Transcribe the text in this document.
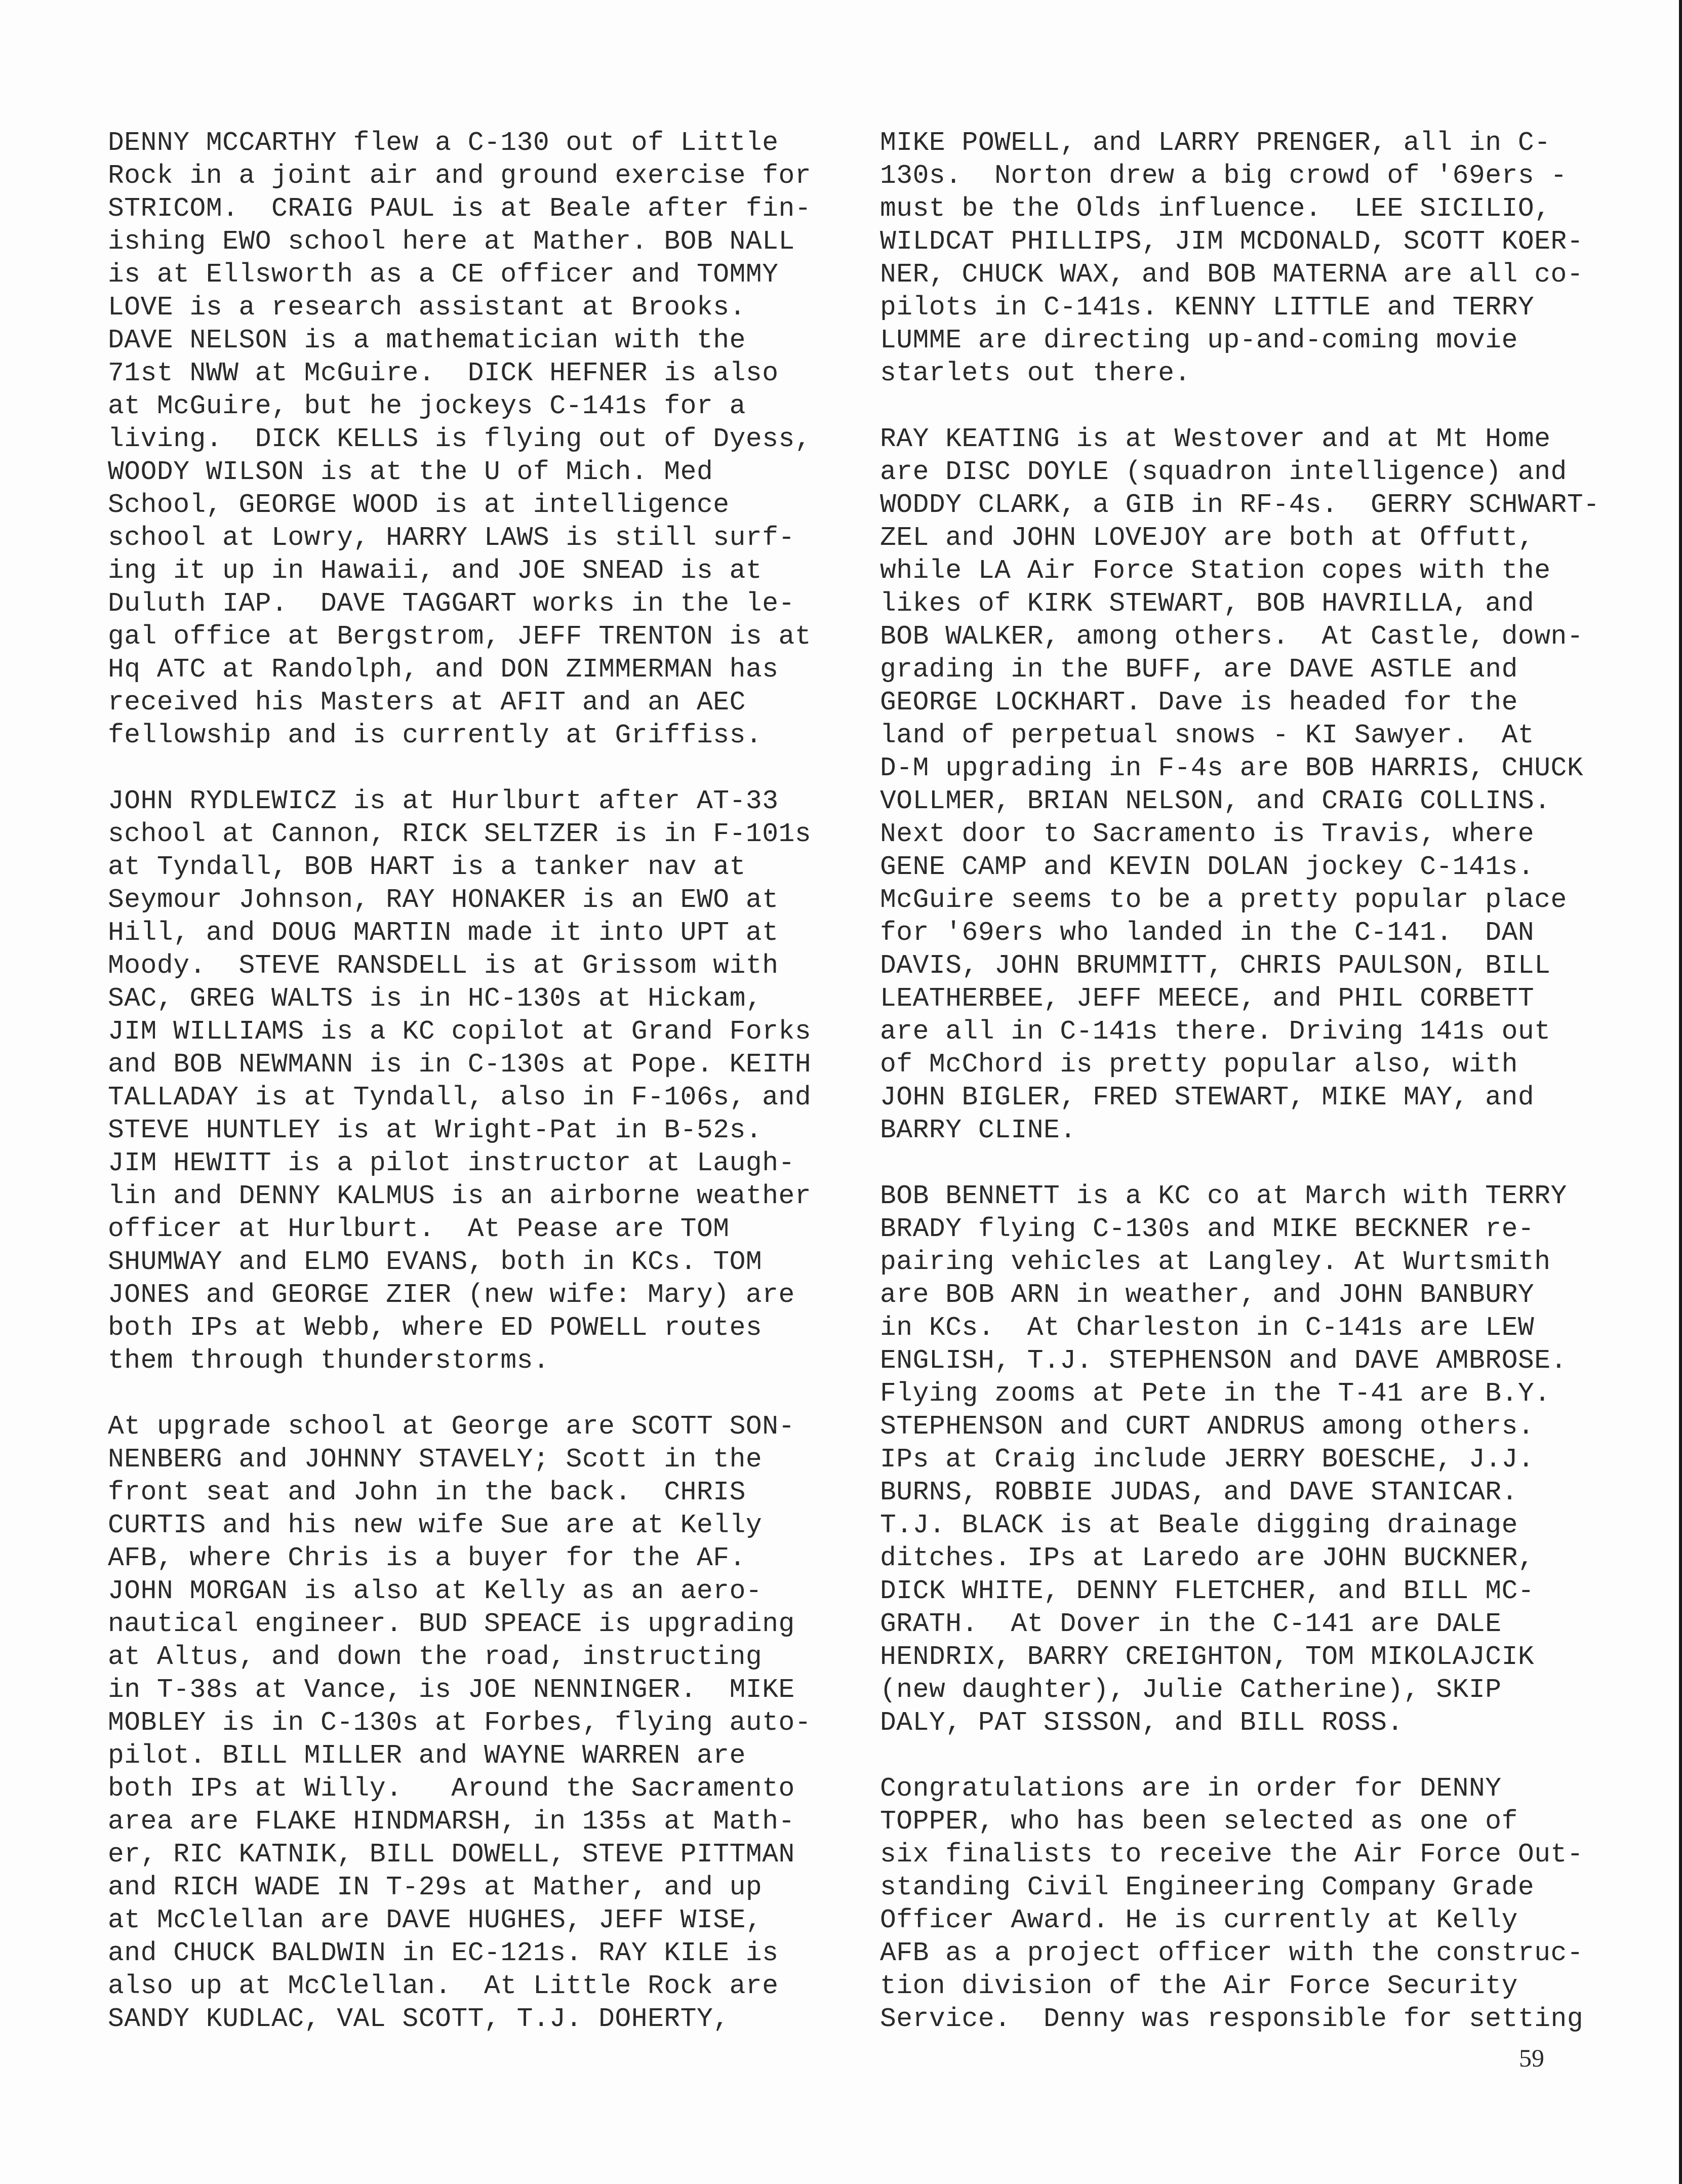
DENNY MCCARTHY flew a C-130 out of Little
Rock in a joint air and ground exercise for
STRICOM.  CRAIG PAUL is at Beale after fin-
ishing EWO school here at Mather. BOB NALL
is at Ellsworth as a CE officer and TOMMY
LOVE is a research assistant at Brooks.
DAVE NELSON is a mathematician with the
71st NWW at McGuire.  DICK HEFNER is also
at McGuire, but he jockeys C-141s for a
living.  DICK KELLS is flying out of Dyess,
WOODY WILSON is at the U of Mich. Med
School, GEORGE WOOD is at intelligence
school at Lowry, HARRY LAWS is still surf-
ing it up in Hawaii, and JOE SNEAD is at
Duluth IAP.  DAVE TAGGART works in the le-
gal office at Bergstrom, JEFF TRENTON is at
Hq ATC at Randolph, and DON ZIMMERMAN has
received his Masters at AFIT and an AEC
fellowship and is currently at Griffiss.
JOHN RYDLEWICZ is at Hurlburt after AT-33
school at Cannon, RICK SELTZER is in F-101s
at Tyndall, BOB HART is a tanker nav at
Seymour Johnson, RAY HONAKER is an EWO at
Hill, and DOUG MARTIN made it into UPT at
Moody.  STEVE RANSDELL is at Grissom with
SAC, GREG WALTS is in HC-130s at Hickam,
JIM WILLIAMS is a KC copilot at Grand Forks
and BOB NEWMANN is in C-130s at Pope. KEITH
TALLADAY is at Tyndall, also in F-106s, and
STEVE HUNTLEY is at Wright-Pat in B-52s.
JIM HEWITT is a pilot instructor at Laugh-
lin and DENNY KALMUS is an airborne weather
officer at Hurlburt.  At Pease are TOM
SHUMWAY and ELMO EVANS, both in KCs. TOM
JONES and GEORGE ZIER (new wife: Mary) are
both IPs at Webb, where ED POWELL routes
them through thunderstorms.
At upgrade school at George are SCOTT SON-
NENBERG and JOHNNY STAVELY; Scott in the
front seat and John in the back.  CHRIS
CURTIS and his new wife Sue are at Kelly
AFB, where Chris is a buyer for the AF.
JOHN MORGAN is also at Kelly as an aero-
nautical engineer. BUD SPEACE is upgrading
at Altus, and down the road, instructing
in T-38s at Vance, is JOE NENNINGER.  MIKE
MOBLEY is in C-130s at Forbes, flying auto-
pilot. BILL MILLER and WAYNE WARREN are
both IPs at Willy.   Around the Sacramento
area are FLAKE HINDMARSH, in 135s at Math-
er, RIC KATNIK, BILL DOWELL, STEVE PITTMAN
and RICH WADE IN T-29s at Mather, and up
at McClellan are DAVE HUGHES, JEFF WISE,
and CHUCK BALDWIN in EC-121s. RAY KILE is
also up at McClellan.  At Little Rock are
SANDY KUDLAC, VAL SCOTT, T.J. DOHERTY,
MIKE POWELL, and LARRY PRENGER, all in C-
130s.  Norton drew a big crowd of '69ers -
must be the Olds influence.  LEE SICILIO,
WILDCAT PHILLIPS, JIM MCDONALD, SCOTT KOER-
NER, CHUCK WAX, and BOB MATERNA are all co-
pilots in C-141s. KENNY LITTLE and TERRY
LUMME are directing up-and-coming movie
starlets out there.
RAY KEATING is at Westover and at Mt Home
are DISC DOYLE (squadron intelligence) and
WODDY CLARK, a GIB in RF-4s.  GERRY SCHWART-
ZEL and JOHN LOVEJOY are both at Offutt,
while LA Air Force Station copes with the
likes of KIRK STEWART, BOB HAVRILLA, and
BOB WALKER, among others.  At Castle, down-
grading in the BUFF, are DAVE ASTLE and
GEORGE LOCKHART. Dave is headed for the
land of perpetual snows - KI Sawyer.  At
D-M upgrading in F-4s are BOB HARRIS, CHUCK
VOLLMER, BRIAN NELSON, and CRAIG COLLINS.
Next door to Sacramento is Travis, where
GENE CAMP and KEVIN DOLAN jockey C-141s.
McGuire seems to be a pretty popular place
for '69ers who landed in the C-141.  DAN
DAVIS, JOHN BRUMMITT, CHRIS PAULSON, BILL
LEATHERBEE, JEFF MEECE, and PHIL CORBETT
are all in C-141s there. Driving 141s out
of McChord is pretty popular also, with
JOHN BIGLER, FRED STEWART, MIKE MAY, and
BARRY CLINE.
BOB BENNETT is a KC co at March with TERRY
BRADY flying C-130s and MIKE BECKNER re-
pairing vehicles at Langley. At Wurtsmith
are BOB ARN in weather, and JOHN BANBURY
in KCs.  At Charleston in C-141s are LEW
ENGLISH, T.J. STEPHENSON and DAVE AMBROSE.
Flying zooms at Pete in the T-41 are B.Y.
STEPHENSON and CURT ANDRUS among others.
IPs at Craig include JERRY BOESCHE, J.J.
BURNS, ROBBIE JUDAS, and DAVE STANICAR.
T.J. BLACK is at Beale digging drainage
ditches. IPs at Laredo are JOHN BUCKNER,
DICK WHITE, DENNY FLETCHER, and BILL MC-
GRATH.  At Dover in the C-141 are DALE
HENDRIX, BARRY CREIGHTON, TOM MIKOLAJCIK
(new daughter), Julie Catherine), SKIP
DALY, PAT SISSON, and BILL ROSS.
Congratulations are in order for DENNY
TOPPER, who has been selected as one of
six finalists to receive the Air Force Out-
standing Civil Engineering Company Grade
Officer Award. He is currently at Kelly
AFB as a project officer with the construc-
tion division of the Air Force Security
Service.  Denny was responsible for setting
59
